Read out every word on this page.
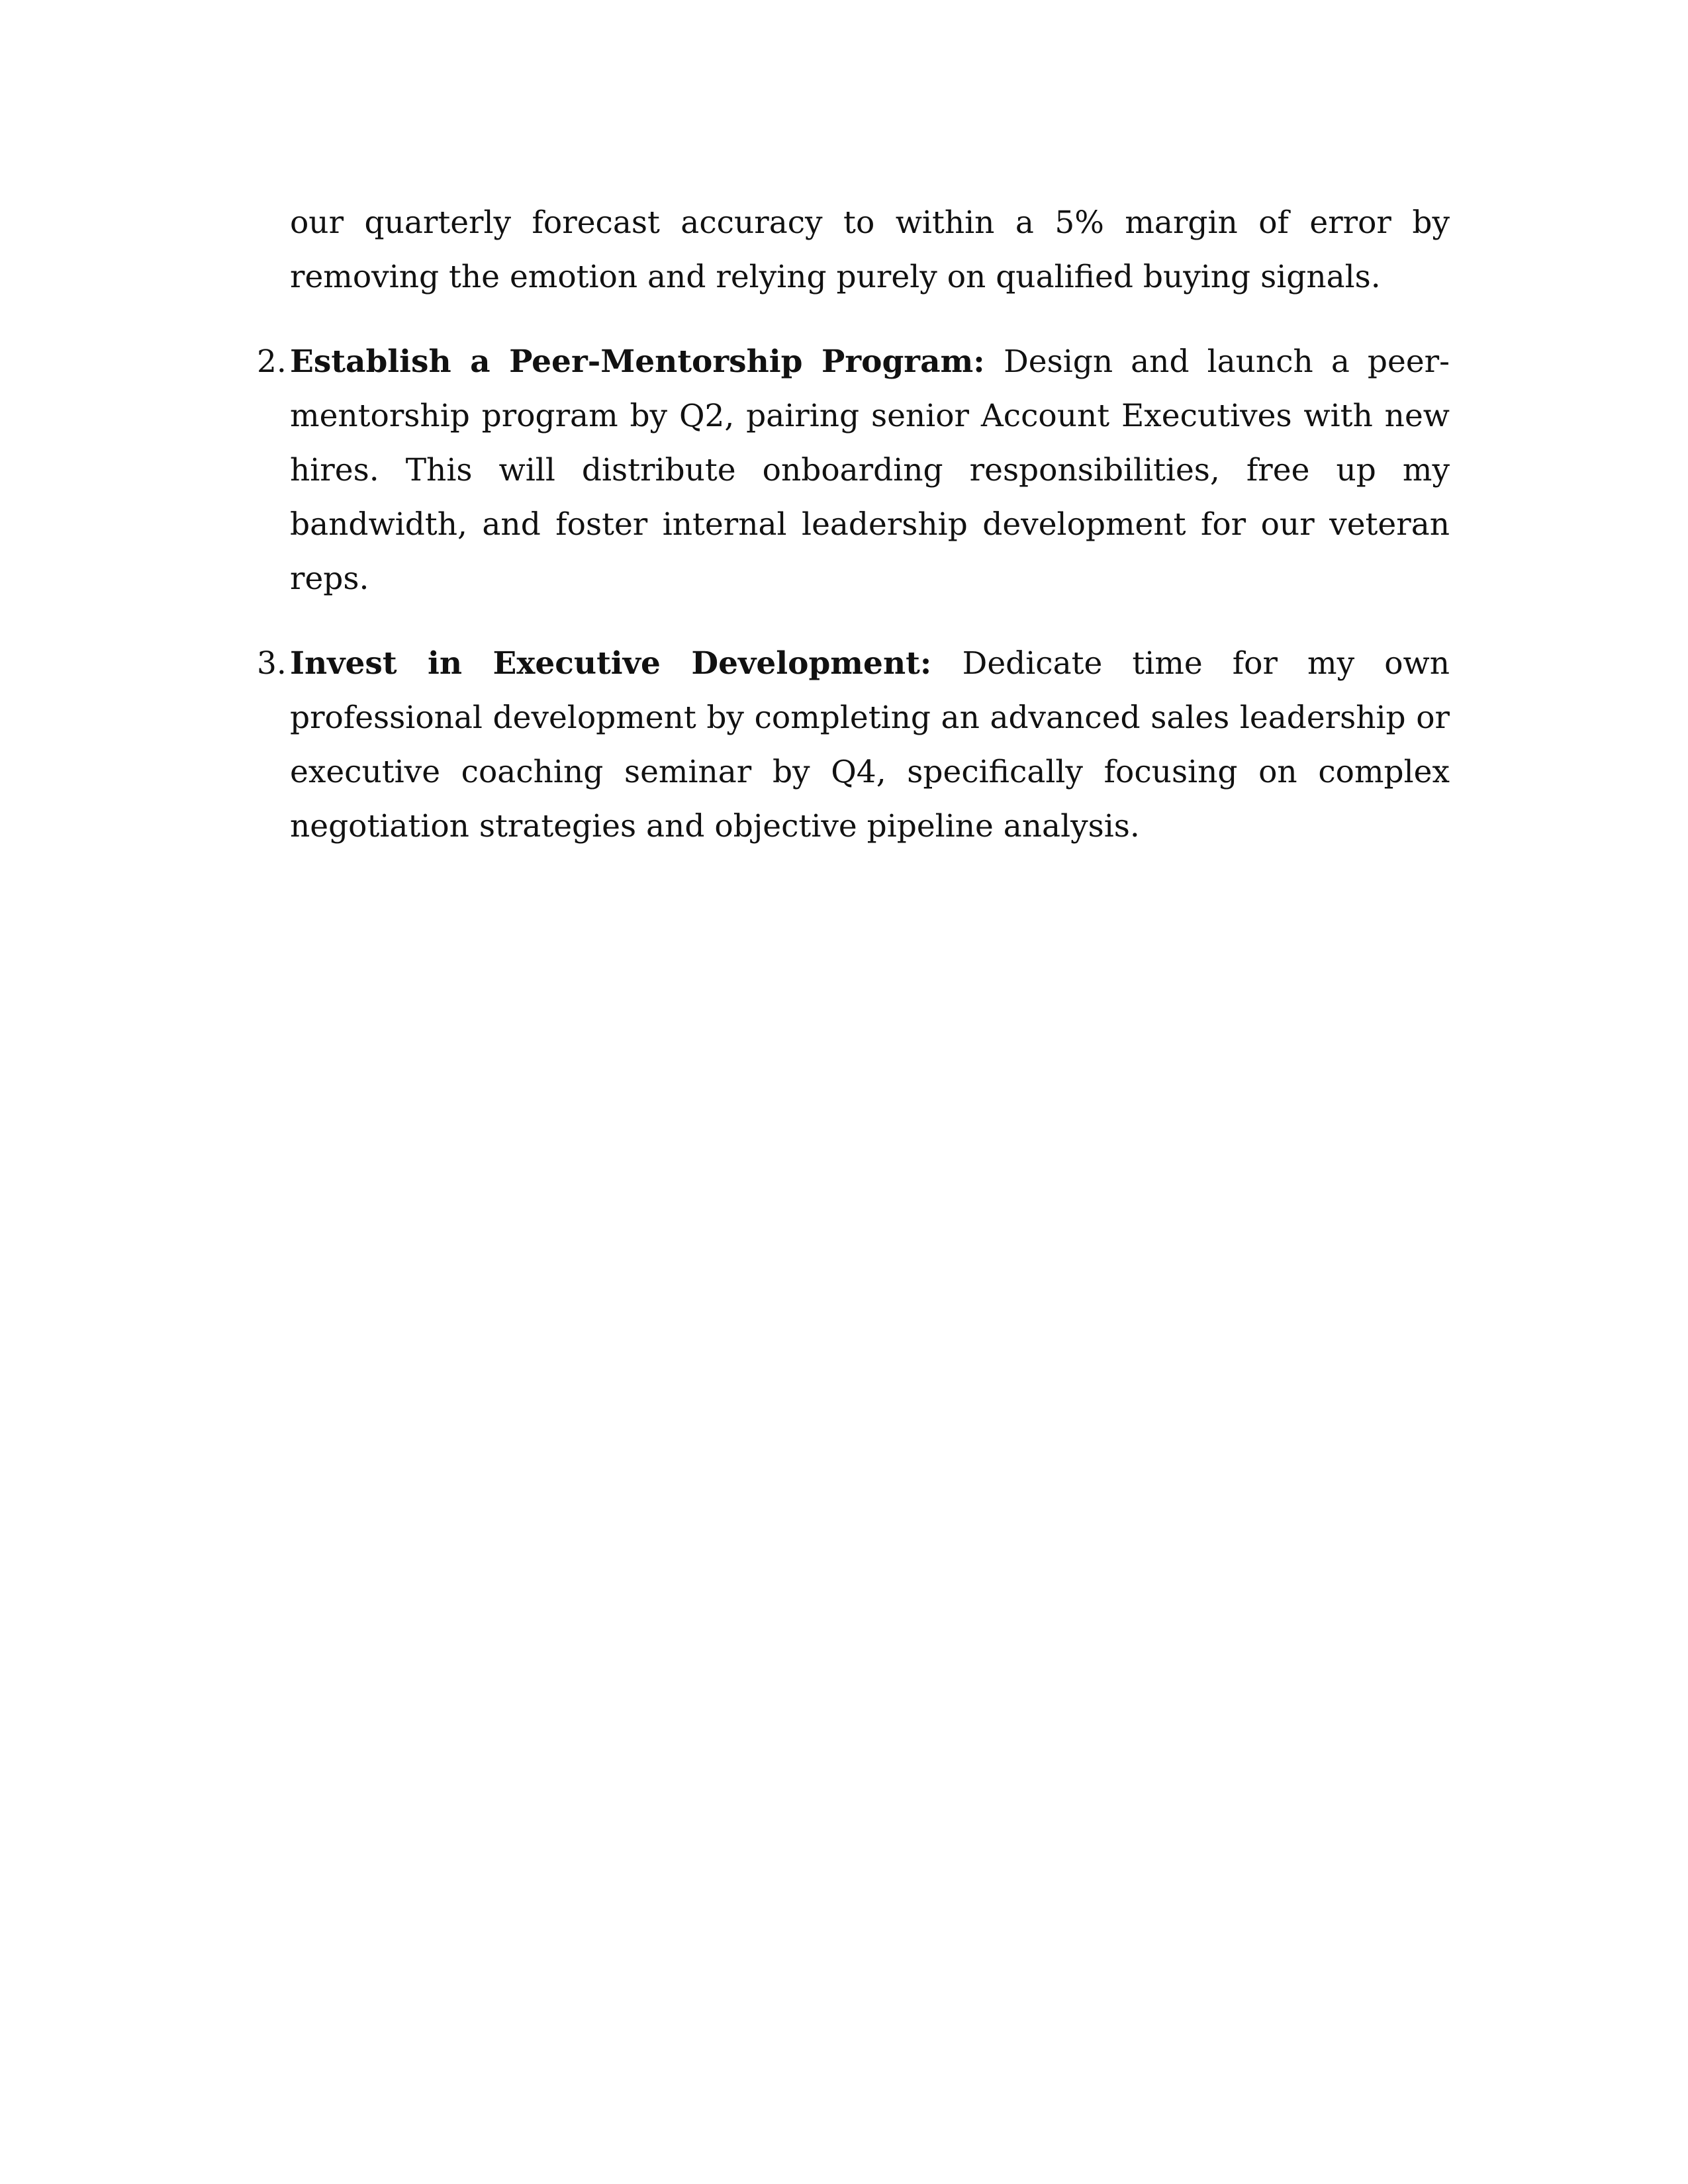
our quarterly forecast accuracy to within a 5% margin of error by removing the emotion and relying purely on qualified buying signals.

2. Establish a Peer-Mentorship Program: Design and launch a peer-mentorship program by Q2, pairing senior Account Executives with new hires. This will distribute onboarding responsibilities, free up my bandwidth, and foster internal leadership development for our veteran reps.

3. Invest in Executive Development: Dedicate time for my own professional development by completing an advanced sales leadership or executive coaching seminar by Q4, specifically focusing on complex negotiation strategies and objective pipeline analysis.
